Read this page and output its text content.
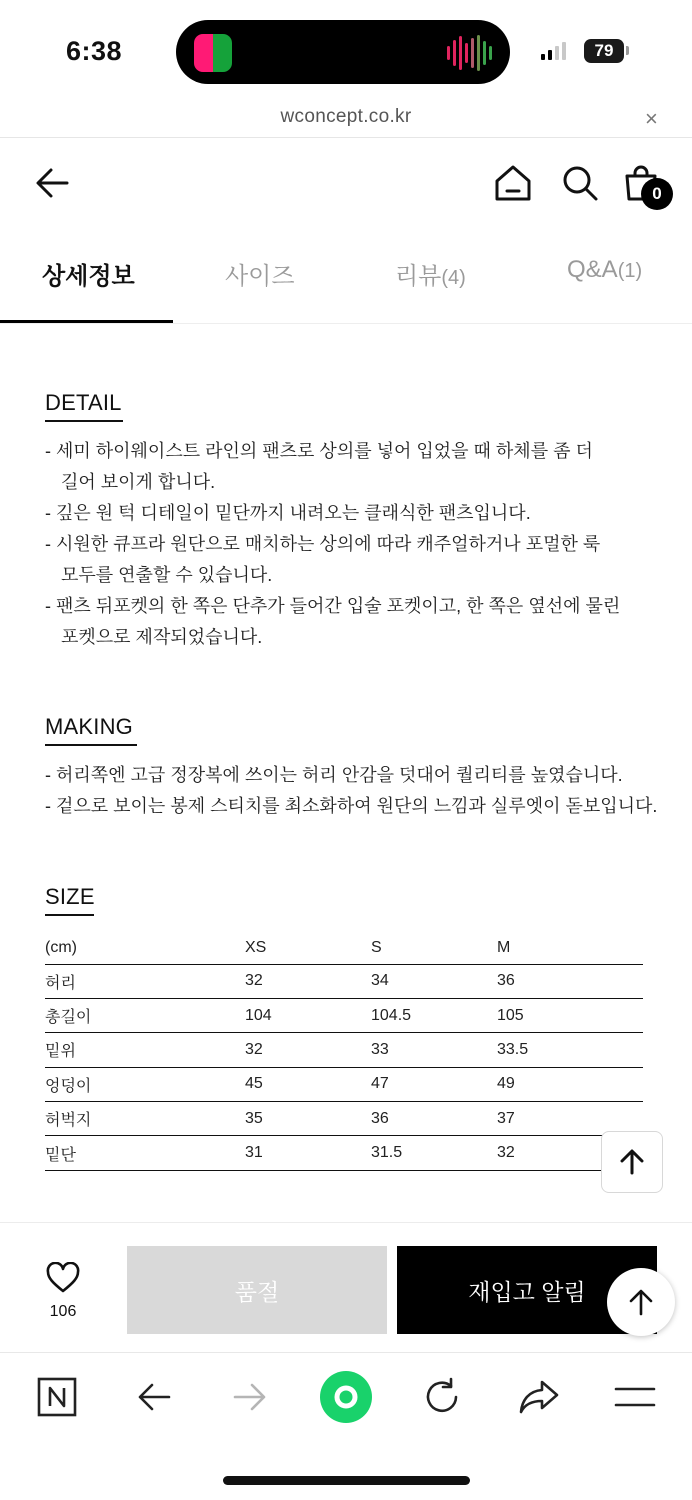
6:38	79
wconcept.co.kr	×
0
상세정보	사이즈	리뷰(4)	Q&A(1)
DETAIL
- 세미 하이웨이스트 라인의 팬츠로 상의를 넣어 입었을 때 하체를 좀 더
길어 보이게 합니다.
- 깊은 원 턱 디테일이 밑단까지 내려오는 클래식한 팬츠입니다.
- 시원한 큐프라 원단으로 매치하는 상의에 따라 캐주얼하거나 포멀한 룩
모두를 연출할 수 있습니다.
- 팬츠 뒤포켓의 한 쪽은 단추가 들어간 입술 포켓이고, 한 쪽은 옆선에 물린
포켓으로 제작되었습니다.
MAKING
- 허리쪽엔 고급 정장복에 쓰이는 허리 안감을 덧대어 퀄리티를 높였습니다.
- 겉으로 보이는 봉제 스티치를 최소화하여 원단의 느낌과 실루엣이 돋보입니다.
SIZE
(cm)	XS	S	M
허리	32	34	36
총길이	104	104.5	105
밑위	32	33	33.5
엉덩이	45	47	49
허벅지	35	36	37
밑단	31	31.5	32
106
품절	재입고 알림
